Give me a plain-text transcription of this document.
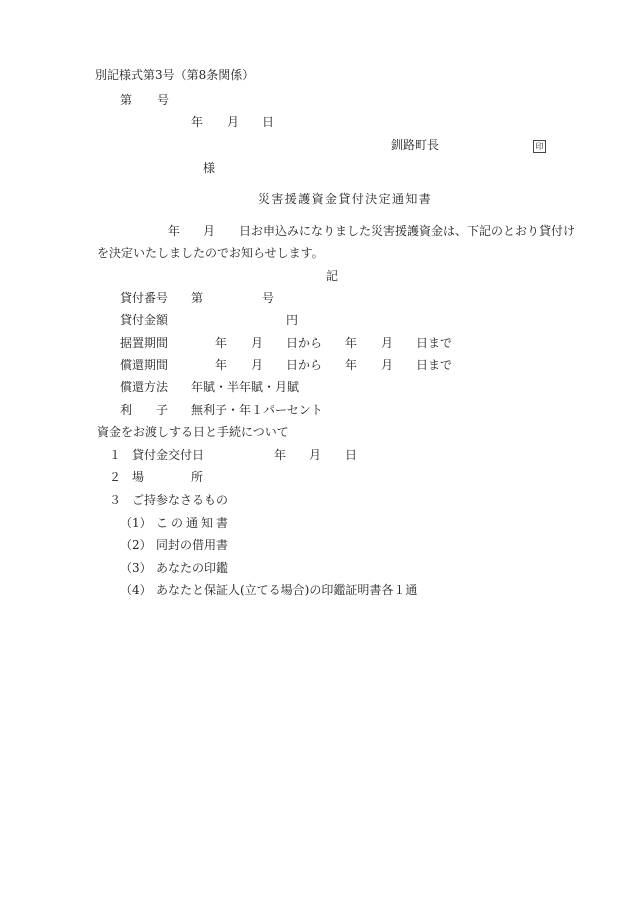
別記様式第3号（第8条関係）
第 号
年 月 日
釧路町長	印
様
災害援護資金貸付決定通知書
年 月 日お申込みになりました災害援護資金は、下記のとおり貸付け
を決定いたしましたのでお知らせします。
記
貸付番号 第	号
貸付金額	円
据置期間	年 月 日から 年 月 日まで
償還期間	年 月 日から 年 月 日まで
償還方法 年賦・半年賦・月賦
利 子 無利子・年１パーセント
資金をお渡しする日と手続について
１ 貸付金交付日	年 月 日
２ 場	所
３ ご持参なさるもの
（1） この通知書
（2） 同封の借用書
（3） あなたの印鑑
（4） あなたと保証人(立てる場合)の印鑑証明書各１通
